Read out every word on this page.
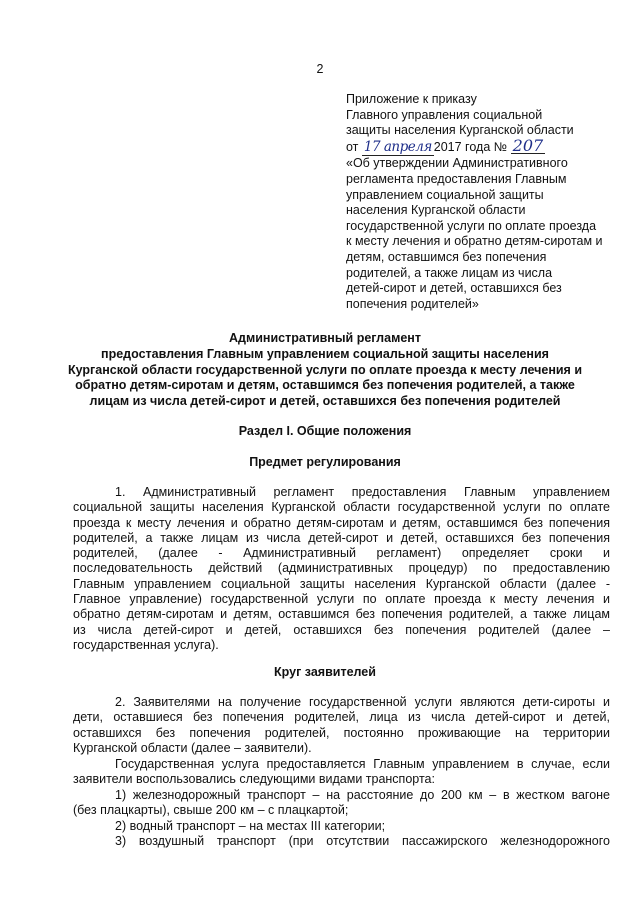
2
Приложение к приказу
Главного управления социальной
защиты населения Курганской области
от 17 апреля 2017 года № 207
«Об утверждении Административного
регламента предоставления Главным
управлением социальной защиты
населения Курганской области
государственной услуги по оплате проезда
к месту лечения и обратно детям-сиротам и
детям, оставшимся без попечения
родителей, а также лицам из числа
детей-сирот и детей, оставшихся без
попечения родителей»
Административный регламент
предоставления Главным управлением социальной защиты населения
Курганской области государственной услуги по оплате проезда к месту лечения и
обратно детям-сиротам и детям, оставшимся без попечения родителей, а также
лицам из числа детей-сирот и детей, оставшихся без попечения родителей
Раздел I. Общие положения
Предмет регулирования
1. Административный регламент предоставления Главным управлением
социальной защиты населения Курганской области государственной услуги по оплате
проезда к месту лечения и обратно детям-сиротам и детям, оставшимся без попечения
родителей, а также лицам из числа детей-сирот и детей, оставшихся без попечения
родителей, (далее - Административный регламент) определяет сроки и
последовательность действий (административных процедур) по предоставлению
Главным управлением социальной защиты населения Курганской области (далее -
Главное управление) государственной услуги по оплате проезда к месту лечения и
обратно детям-сиротам и детям, оставшимся без попечения родителей, а также лицам
из числа детей-сирот и детей, оставшихся без попечения родителей (далее –
государственная услуга).
Круг заявителей
2. Заявителями на получение государственной услуги являются дети-сироты и
дети, оставшиеся без попечения родителей, лица из числа детей-сирот и детей,
оставшихся без попечения родителей, постоянно проживающие на территории
Курганской области (далее – заявители).
Государственная услуга предоставляется Главным управлением в случае, если
заявители воспользовались следующими видами транспорта:
1) железнодорожный транспорт – на расстояние до 200 км – в жестком вагоне
(без плацкарты), свыше 200 км – с плацкартой;
2) водный транспорт – на местах III категории;
3) воздушный транспорт (при отсутствии пассажирского железнодорожного
